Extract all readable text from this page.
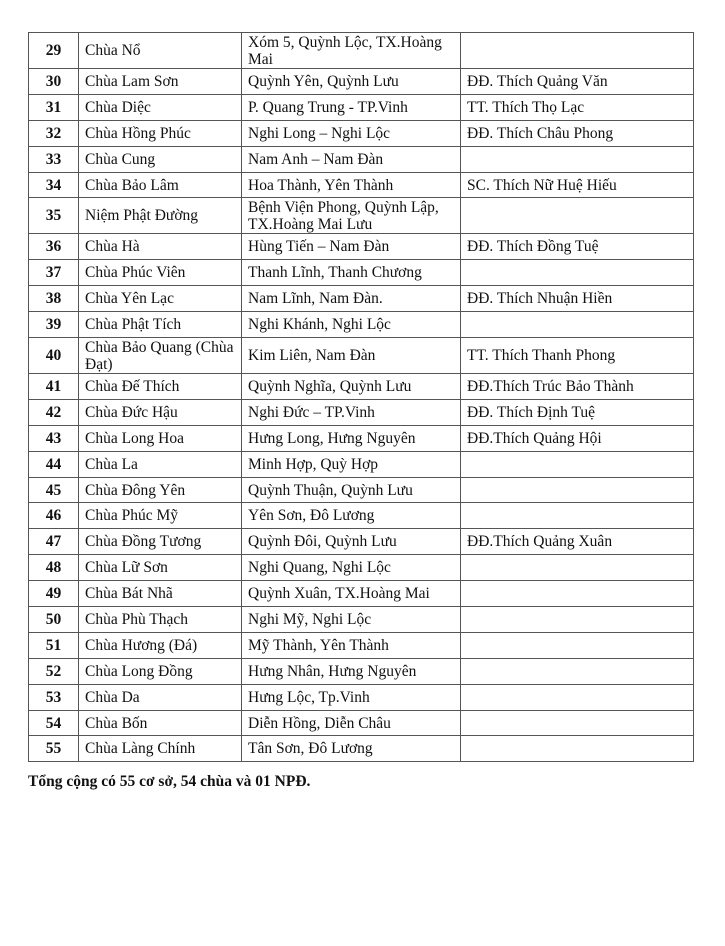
29	Chùa Nổ	Xóm 5, Quỳnh Lộc, TX.Hoàng Mai	
30	Chùa Lam Sơn	Quỳnh Yên, Quỳnh Lưu	ĐĐ. Thích Quảng Văn
31	Chùa Diệc	P. Quang Trung - TP.Vinh	TT. Thích Thọ Lạc
32	Chùa Hồng Phúc	Nghi Long – Nghi Lộc	ĐĐ. Thích Châu Phong
33	Chùa Cung	Nam Anh – Nam Đàn	
34	Chùa Bảo Lâm	Hoa Thành, Yên Thành	SC. Thích Nữ Huệ Hiếu
35	Niệm Phật Đường	Bệnh Viện Phong, Quỳnh Lập, TX.Hoàng Mai Lưu	
36	Chùa Hà	Hùng Tiến – Nam Đàn	ĐĐ. Thích Đồng Tuệ
37	Chùa Phúc Viên	Thanh Lĩnh, Thanh Chương	
38	Chùa Yên Lạc	Nam Lĩnh, Nam Đàn.	ĐĐ. Thích Nhuận Hiền
39	Chùa Phật Tích	Nghi Khánh, Nghi Lộc	
40	Chùa Bảo Quang (Chùa Đạt)	Kim Liên, Nam Đàn	TT. Thích Thanh Phong
41	Chùa Đế Thích	Quỳnh Nghĩa, Quỳnh Lưu	ĐĐ.Thích Trúc Bảo Thành
42	Chùa Đức Hậu	Nghi Đức – TP.Vinh	ĐĐ. Thích Định Tuệ
43	Chùa Long Hoa	Hưng Long, Hưng Nguyên	ĐĐ.Thích Quảng Hội
44	Chùa La	Minh Hợp, Quỳ Hợp	
45	Chùa Đông Yên	Quỳnh Thuận, Quỳnh Lưu	
46	Chùa Phúc Mỹ	Yên Sơn, Đô Lương	
47	Chùa Đồng Tương	Quỳnh Đôi, Quỳnh Lưu	ĐĐ.Thích Quảng Xuân
48	Chùa Lữ Sơn	Nghi Quang, Nghi Lộc	
49	Chùa Bát Nhã	Quỳnh Xuân, TX.Hoàng Mai	
50	Chùa Phù Thạch	Nghi Mỹ, Nghi Lộc	
51	Chùa Hương (Đá)	Mỹ Thành, Yên Thành	
52	Chùa Long Đồng	Hưng Nhân, Hưng Nguyên	
53	Chùa Da	Hưng Lộc, Tp.Vinh	
54	Chùa Bốn	Diễn Hồng, Diễn Châu	
55	Chùa Làng Chính	Tân Sơn, Đô Lương	

Tổng cộng có 55 cơ sở, 54 chùa và 01 NPĐ.
